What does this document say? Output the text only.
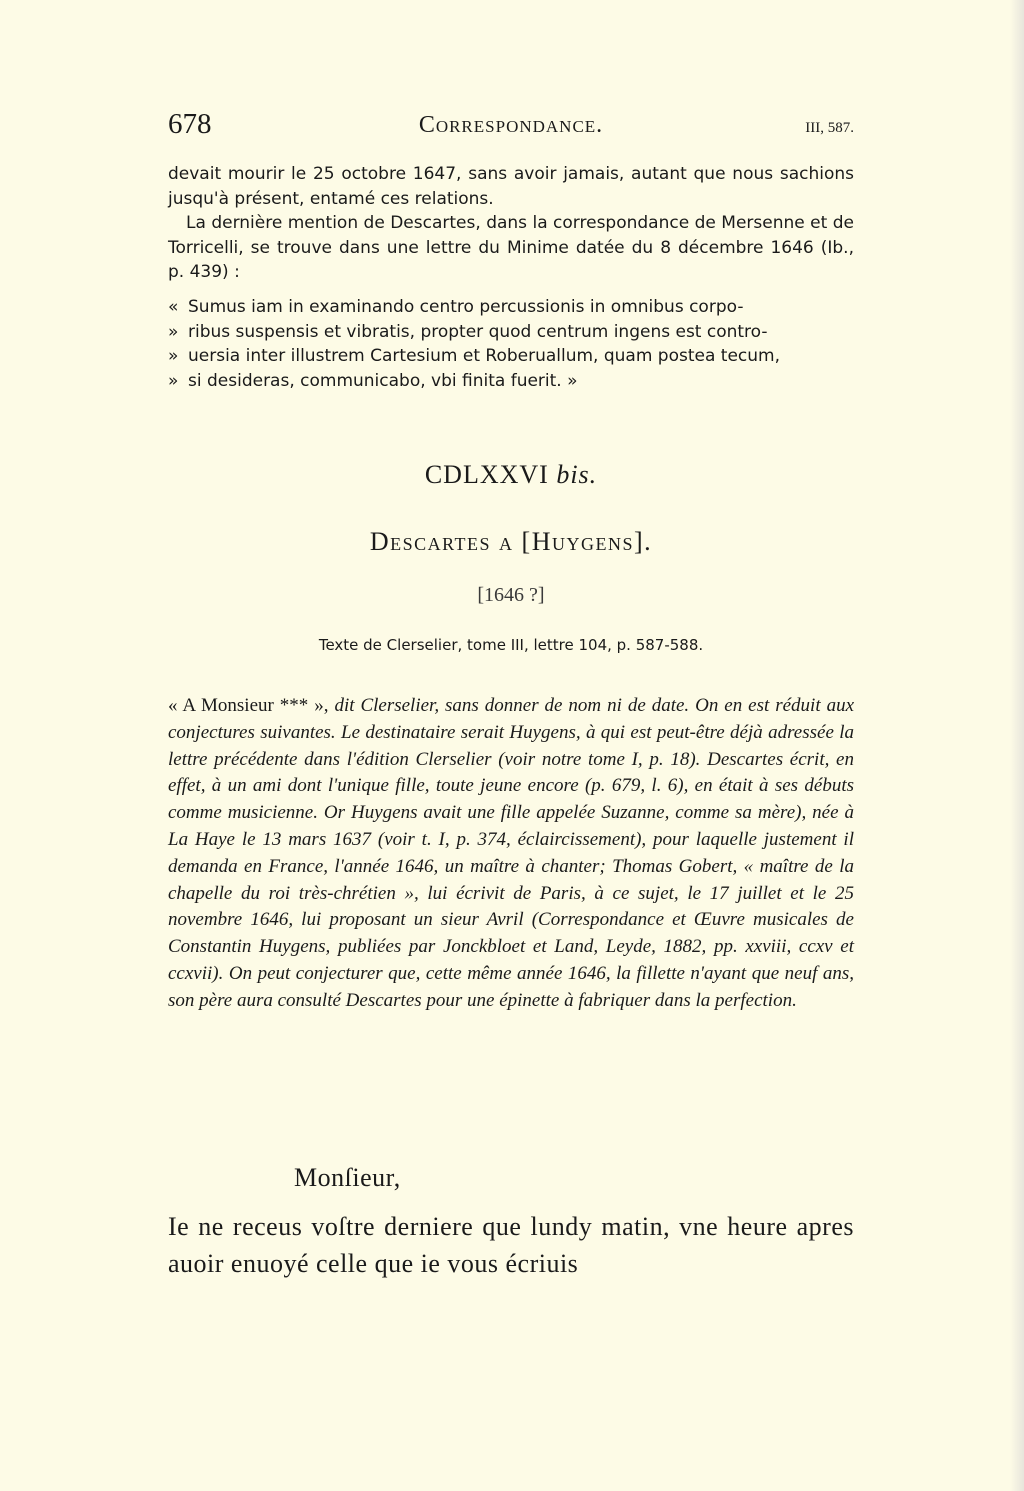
678	Correspondance.	III, 587.

devait mourir le 25 octobre 1647, sans avoir jamais, autant que nous sachions jusqu'à présent, entamé ces relations.

La dernière mention de Descartes, dans la correspondance de Mersenne et de Torricelli, se trouve dans une lettre du Minime datée du 8 décembre 1646 (Ib., p. 439) :

« Sumus iam in examinando centro percussionis in omnibus corpo-

» ribus suspensis et vibratis, propter quod centrum ingens est contro-

» uersia inter illustrem Cartesium et Roberuallum, quam postea tecum,

» si desideras, communicabo, vbi finita fuerit. »

CDLXXVI bis.
Descartes a [Huygens].
[1646 ?]
Texte de Clerselier, tome III, lettre 104, p. 587-588.

« A Monsieur *** », dit Clerselier, sans donner de nom ni de date. On en est réduit aux conjectures suivantes. Le destinataire serait Huygens, à qui est peut-être déjà adressée la lettre précédente dans l'édition Clerselier (voir notre tome I, p. 18). Descartes écrit, en effet, à un ami dont l'unique fille, toute jeune encore (p. 679, l. 6), en était à ses débuts comme musicienne. Or Huygens avait une fille appelée Suzanne, comme sa mère), née à La Haye le 13 mars 1637 (voir t. I, p. 374, éclaircissement), pour laquelle justement il demanda en France, l'année 1646, un maître à chanter; Thomas Gobert, « maître de la chapelle du roi très-chrétien », lui écrivit de Paris, à ce sujet, le 17 juillet et le 25 novembre 1646, lui proposant un sieur Avril (Correspondance et Œuvre musicales de Constantin Huygens, publiées par Jonckbloet et Land, Leyde, 1882, pp. xxviii, ccxv et ccxvii). On peut conjecturer que, cette même année 1646, la fillette n'ayant que neuf ans, son père aura consulté Descartes pour une épinette à fabriquer dans la perfection.

Monſieur,

Ie ne receus voſtre derniere que lundy matin, vne heure apres auoir enuoyé celle que ie vous écriuis
